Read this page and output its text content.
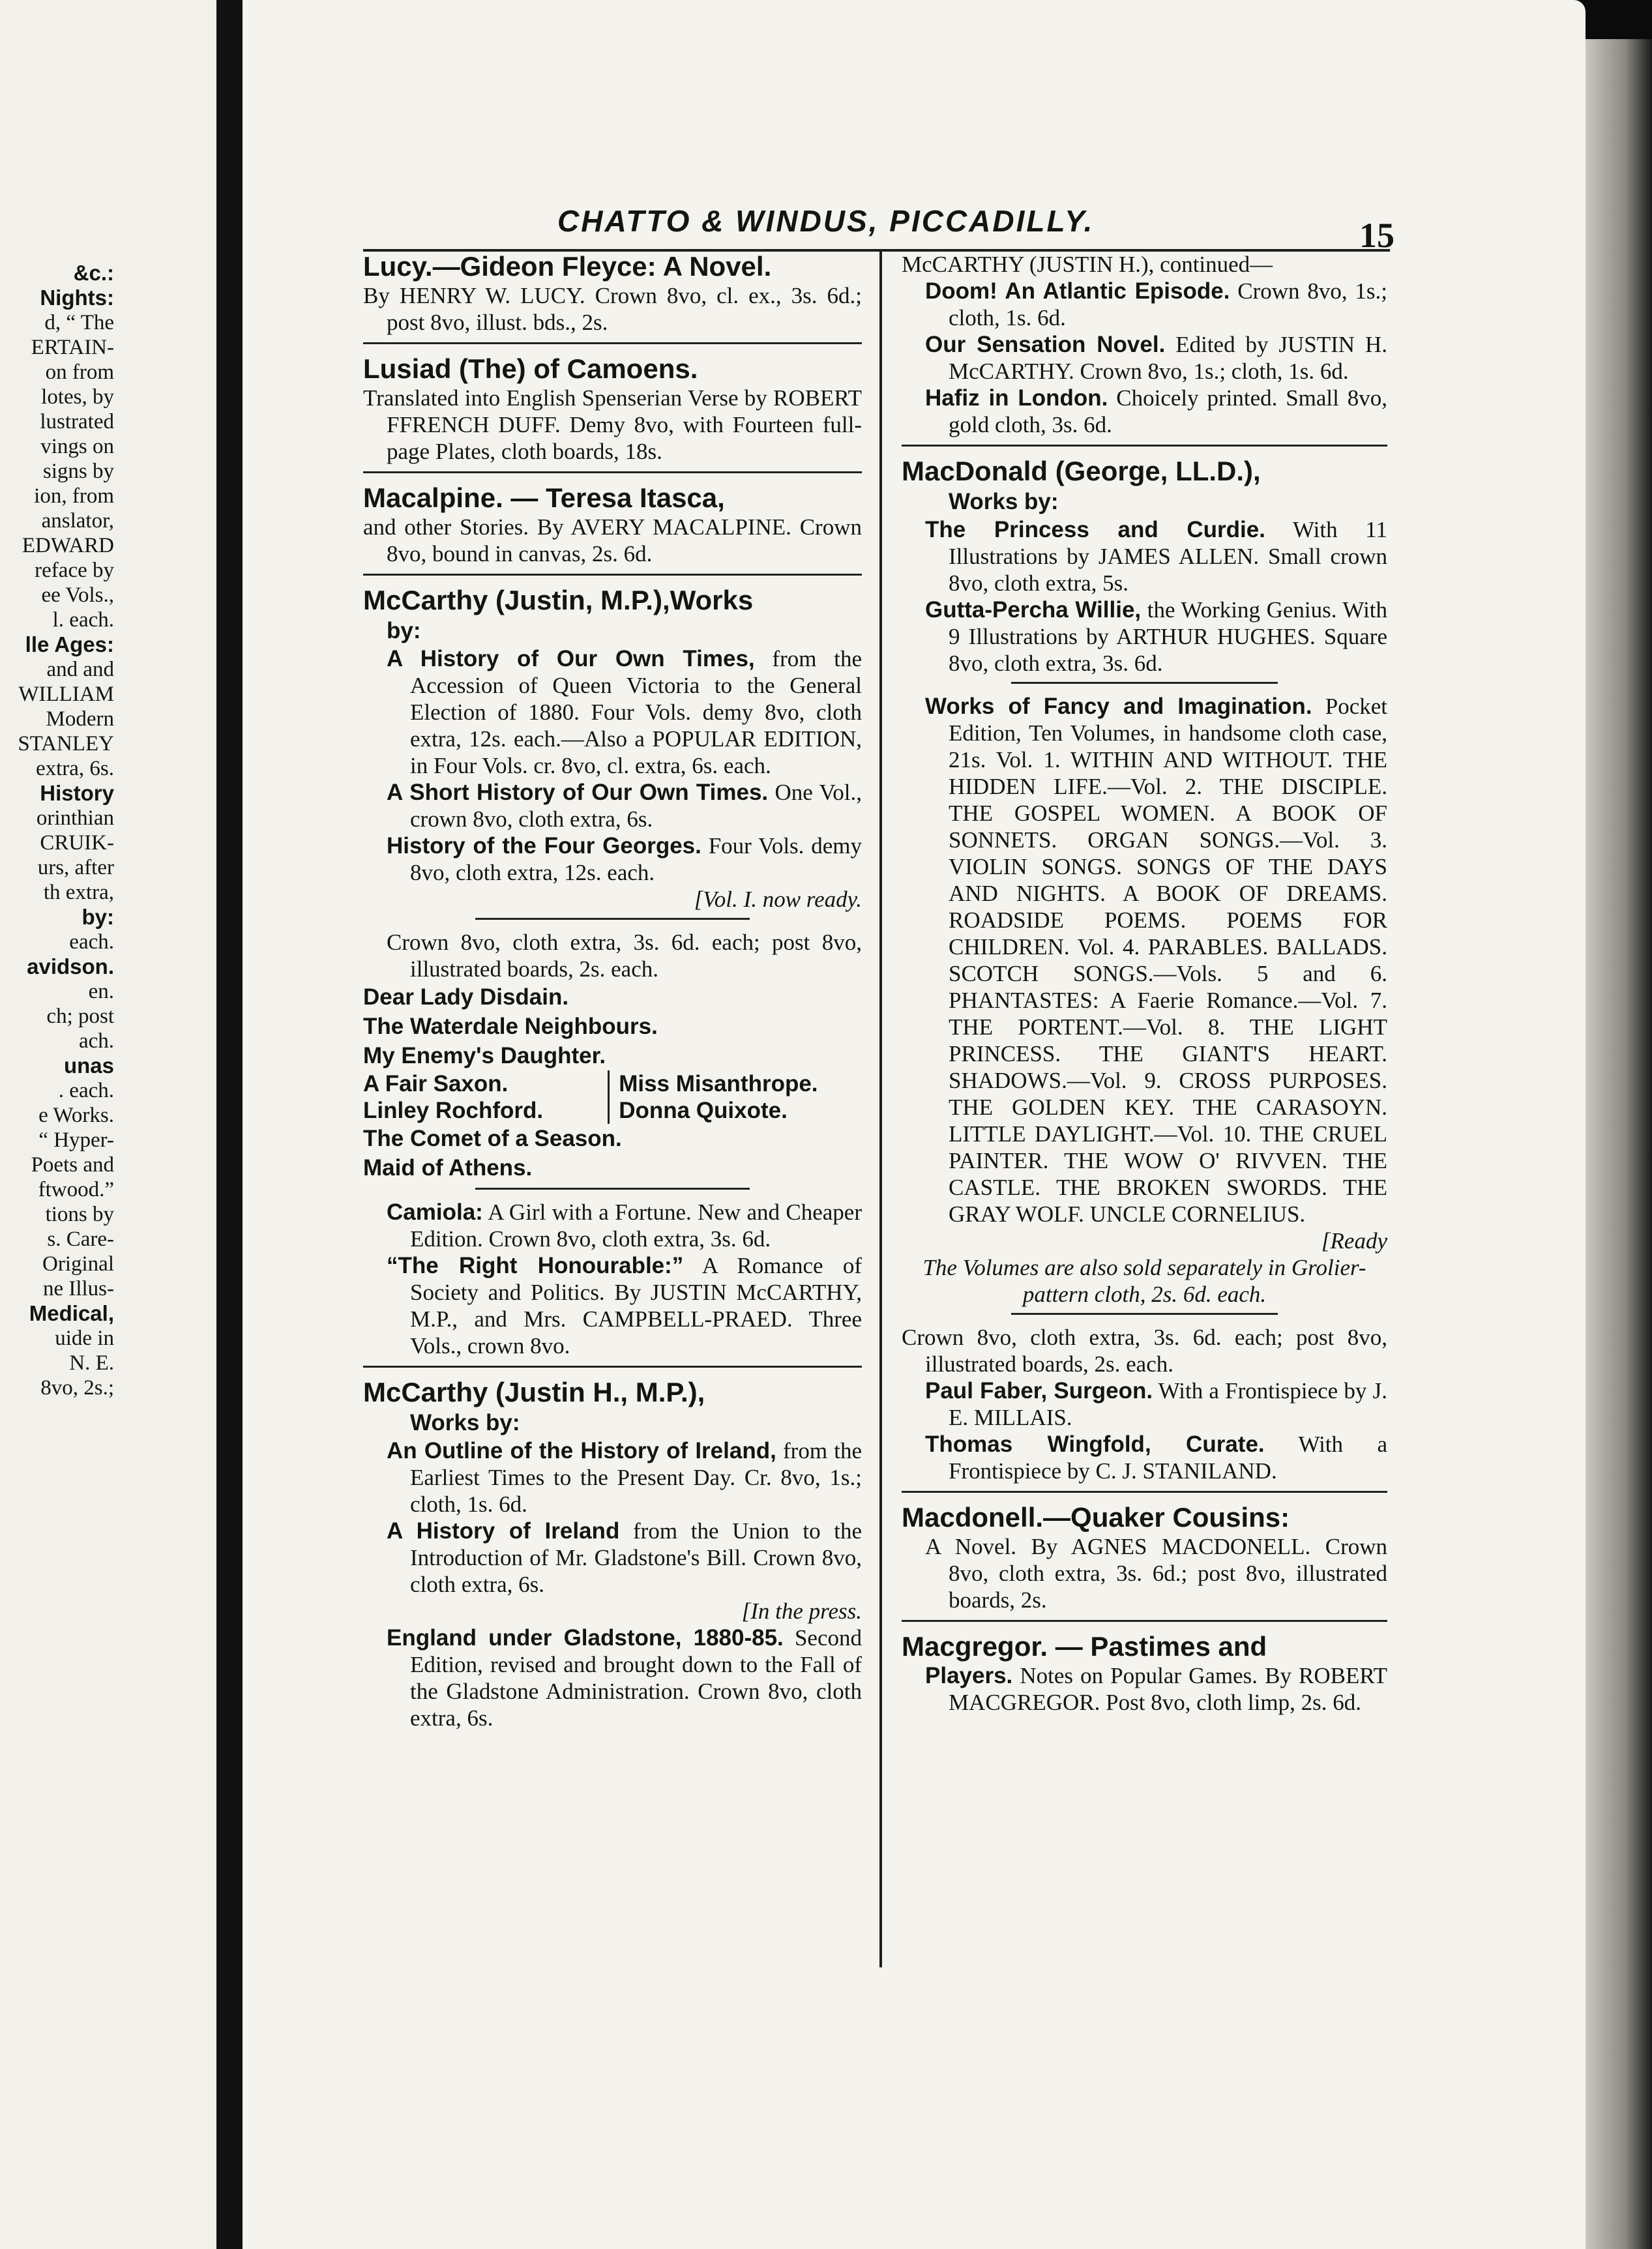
&c.:
Nights:
d, “ The
ERTAIN-
on from
lotes, by
lustrated
vings on
signs by
ion, from
anslator,
EDWARD
reface by
ee Vols.,
l. each.
lle Ages:
and and
WILLIAM
Modern
STANLEY
extra, 6s.
History
orinthian
CRUIK-
urs, after
th extra,
by:
each.
avidson.
en.
ch; post
ach.
unas
. each.
e Works.
“ Hyper-
Poets and
ftwood.”
tions by
s. Care-
Original
ne Illus-
Medical,
uide in
N. E.
8vo, 2s.;
CHATTO & WINDUS, PICCADILLY.	15
Lucy.—Gideon Fleyce: A Novel.
By HENRY W. LUCY. Crown 8vo, cl. ex., 3s. 6d.; post 8vo, illust. bds., 2s.
Lusiad (The) of Camoens.
Translated into English Spenserian Verse by ROBERT FFRENCH DUFF. Demy 8vo, with Fourteen full-page Plates, cloth boards, 18s.
Macalpine. — Teresa Itasca,
and other Stories. By AVERY MACALPINE. Crown 8vo, bound in canvas, 2s. 6d.
McCarthy (Justin, M.P.),Works
by:
A History of Our Own Times, from the Accession of Queen Victoria to the General Election of 1880. Four Vols. demy 8vo, cloth extra, 12s. each.—Also a POPULAR EDITION, in Four Vols. cr. 8vo, cl. extra, 6s. each.
A Short History of Our Own Times. One Vol., crown 8vo, cloth extra, 6s.
History of the Four Georges. Four Vols. demy 8vo, cloth extra, 12s. each.
[Vol. I. now ready.
Crown 8vo, cloth extra, 3s. 6d. each; post 8vo, illustrated boards, 2s. each.
Dear Lady Disdain.
The Waterdale Neighbours.
My Enemy's Daughter.
A Fair Saxon.	Miss Misanthrope.
Linley Rochford.	Donna Quixote.
The Comet of a Season.
Maid of Athens.
Camiola: A Girl with a Fortune. New and Cheaper Edition. Crown 8vo, cloth extra, 3s. 6d.
“The Right Honourable:” A Romance of Society and Politics. By JUSTIN McCARTHY, M.P., and Mrs. CAMPBELL-PRAED. Three Vols., crown 8vo.
McCarthy (Justin H., M.P.),
Works by:
An Outline of the History of Ireland, from the Earliest Times to the Present Day. Cr. 8vo, 1s.; cloth, 1s. 6d.
A History of Ireland from the Union to the Introduction of Mr. Gladstone's Bill. Crown 8vo, cloth extra, 6s.
[In the press.
England under Gladstone, 1880-85. Second Edition, revised and brought down to the Fall of the Gladstone Administration. Crown 8vo, cloth extra, 6s.
McCARTHY (JUSTIN H.), continued—
Doom! An Atlantic Episode. Crown 8vo, 1s.; cloth, 1s. 6d.
Our Sensation Novel. Edited by JUSTIN H. McCARTHY. Crown 8vo, 1s.; cloth, 1s. 6d.
Hafiz in London. Choicely printed. Small 8vo, gold cloth, 3s. 6d.
MacDonald (George, LL.D.),
Works by:
The Princess and Curdie. With 11 Illustrations by JAMES ALLEN. Small crown 8vo, cloth extra, 5s.
Gutta-Percha Willie, the Working Genius. With 9 Illustrations by ARTHUR HUGHES. Square 8vo, cloth extra, 3s. 6d.
Works of Fancy and Imagination. Pocket Edition, Ten Volumes, in handsome cloth case, 21s. Vol. 1. WITHIN AND WITHOUT. THE HIDDEN LIFE.—Vol. 2. THE DISCIPLE. THE GOSPEL WOMEN. A BOOK OF SONNETS. ORGAN SONGS.—Vol. 3. VIOLIN SONGS. SONGS OF THE DAYS AND NIGHTS. A BOOK OF DREAMS. ROADSIDE POEMS. POEMS FOR CHILDREN. Vol. 4. PARABLES. BALLADS. SCOTCH SONGS.—Vols. 5 and 6. PHANTASTES: A Faerie Romance.—Vol. 7. THE PORTENT.—Vol. 8. THE LIGHT PRINCESS. THE GIANT'S HEART. SHADOWS.—Vol. 9. CROSS PURPOSES. THE GOLDEN KEY. THE CARASOYN. LITTLE DAYLIGHT.—Vol. 10. THE CRUEL PAINTER. THE WOW O' RIVVEN. THE CASTLE. THE BROKEN SWORDS. THE GRAY WOLF. UNCLE CORNELIUS.
[Ready
The Volumes are also sold separately in Grolier-pattern cloth, 2s. 6d. each.
Crown 8vo, cloth extra, 3s. 6d. each; post 8vo, illustrated boards, 2s. each.
Paul Faber, Surgeon. With a Frontispiece by J. E. MILLAIS.
Thomas Wingfold, Curate. With a Frontispiece by C. J. STANILAND.
Macdonell.—Quaker Cousins:
A Novel. By AGNES MACDONELL. Crown 8vo, cloth extra, 3s. 6d.; post 8vo, illustrated boards, 2s.
Macgregor. — Pastimes and
Players. Notes on Popular Games. By ROBERT MACGREGOR. Post 8vo, cloth limp, 2s. 6d.
